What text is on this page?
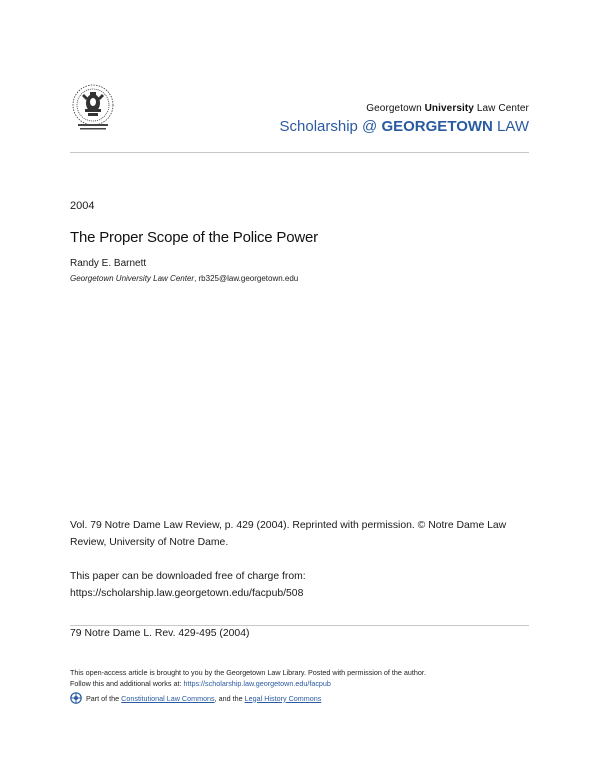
Georgetown University Law Center
Scholarship @ GEORGETOWN LAW
2004
The Proper Scope of the Police Power
Randy E. Barnett
Georgetown University Law Center, rb325@law.georgetown.edu
Vol. 79 Notre Dame Law Review, p. 429 (2004). Reprinted with permission. © Notre Dame Law Review, University of Notre Dame.
This paper can be downloaded free of charge from:
https://scholarship.law.georgetown.edu/facpub/508
79 Notre Dame L. Rev. 429-495 (2004)
This open-access article is brought to you by the Georgetown Law Library. Posted with permission of the author.
Follow this and additional works at: https://scholarship.law.georgetown.edu/facpub
Part of the
Constitutional Law Commons , and the
Legal History Commons
